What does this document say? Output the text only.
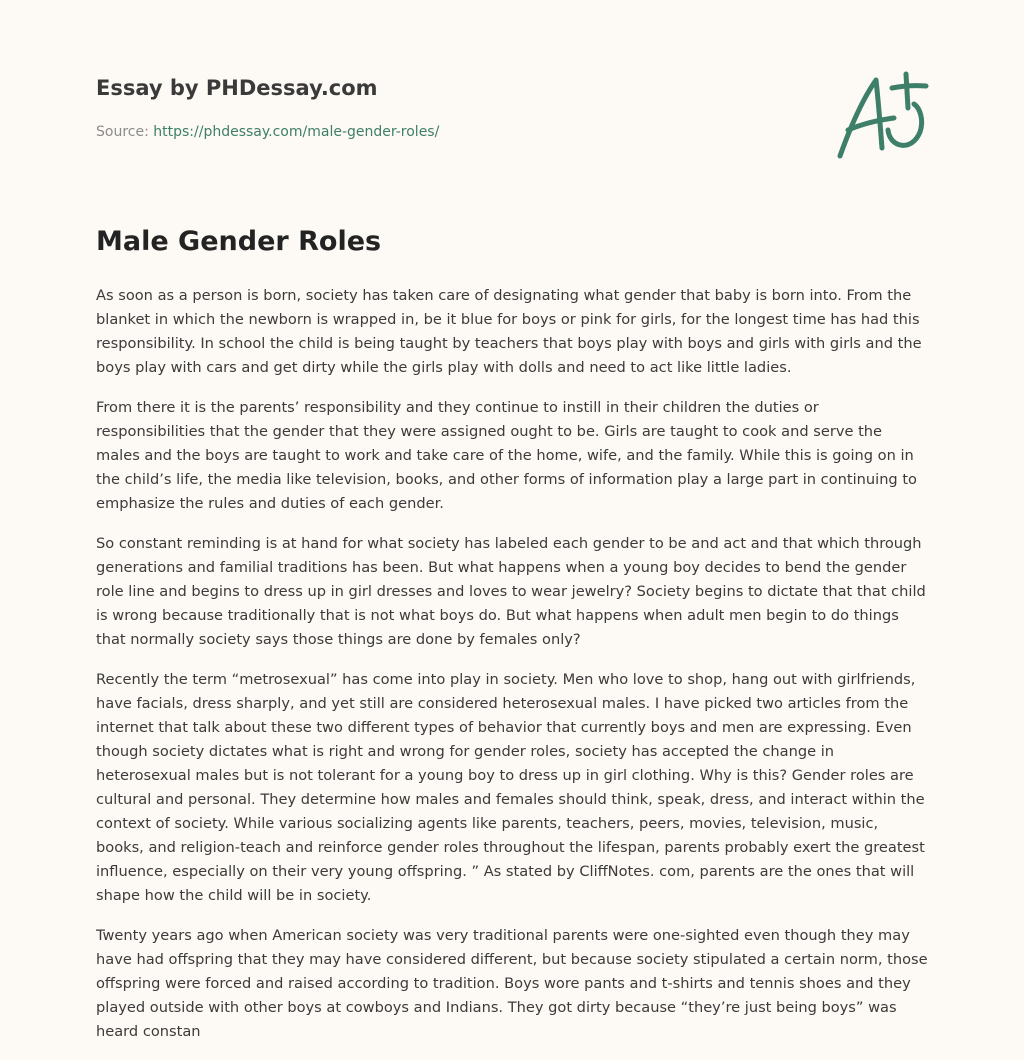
Essay by PHDessay.com

Source: https://phdessay.com/male-gender-roles/

Male Gender Roles

As soon as a person is born, society has taken care of designating what gender that baby is born into. From the blanket in which the newborn is wrapped in, be it blue for boys or pink for girls, for the longest time has had this responsibility. In school the child is being taught by teachers that boys play with boys and girls with girls and the boys play with cars and get dirty while the girls play with dolls and need to act like little ladies.

From there it is the parents’ responsibility and they continue to instill in their children the duties or responsibilities that the gender that they were assigned ought to be. Girls are taught to cook and serve the males and the boys are taught to work and take care of the home, wife, and the family. While this is going on in the child’s life, the media like television, books, and other forms of information play a large part in continuing to emphasize the rules and duties of each gender.

So constant reminding is at hand for what society has labeled each gender to be and act and that which through generations and familial traditions has been. But what happens when a young boy decides to bend the gender role line and begins to dress up in girl dresses and loves to wear jewelry? Society begins to dictate that that child is wrong because traditionally that is not what boys do. But what happens when adult men begin to do things that normally society says those things are done by females only?

Recently the term “metrosexual” has come into play in society. Men who love to shop, hang out with girlfriends, have facials, dress sharply, and yet still are considered heterosexual males. I have picked two articles from the internet that talk about these two different types of behavior that currently boys and men are expressing. Even though society dictates what is right and wrong for gender roles, society has accepted the change in heterosexual males but is not tolerant for a young boy to dress up in girl clothing. Why is this? Gender roles are cultural and personal. They determine how males and females should think, speak, dress, and interact within the context of society. While various socializing agents like parents, teachers, peers, movies, television, music, books, and religion-teach and reinforce gender roles throughout the lifespan, parents probably exert the greatest influence, especially on their very young offspring. ” As stated by CliffNotes. com, parents are the ones that will shape how the child will be in society.

Twenty years ago when American society was very traditional parents were one-sighted even though they may have had offspring that they may have considered different, but because society stipulated a certain norm, those offspring were forced and raised according to tradition. Boys wore pants and t-shirts and tennis shoes and they played outside with other boys at cowboys and Indians. They got dirty because “they’re just being boys” was heard constan
